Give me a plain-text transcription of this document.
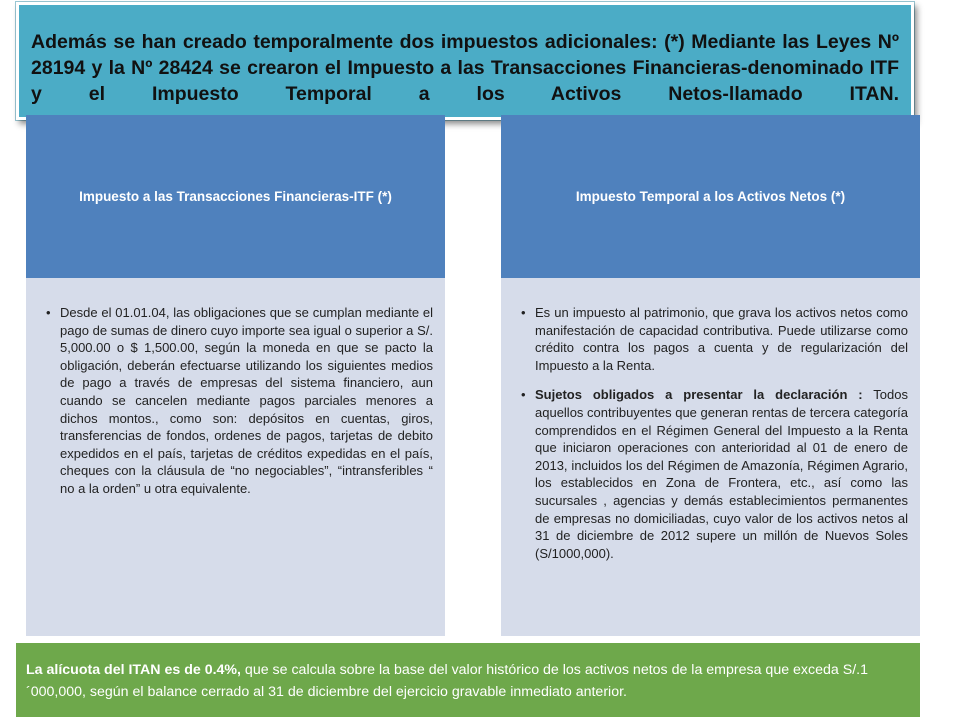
Además se han creado temporalmente dos impuestos adicionales: (*) Mediante las Leyes Nº 28194 y la Nº 28424 se crearon el Impuesto a las Transacciones Financieras-denominado ITF y el Impuesto Temporal a los Activos Netos-llamado ITAN.

Impuesto a las Transacciones Financieras-ITF (*)
• Desde el 01.01.04, las obligaciones que se cumplan mediante el pago de sumas de dinero cuyo importe sea igual o superior a S/. 5,000.00 o $ 1,500.00, según la moneda en que se pacto la obligación, deberán efectuarse utilizando los siguientes medios de pago a través de empresas del sistema financiero, aun cuando se cancelen mediante pagos parciales menores a dichos montos., como son: depósitos en cuentas, giros, transferencias de fondos, ordenes de pagos, tarjetas de debito expedidos en el país, tarjetas de créditos expedidas en el país, cheques con la cláusula de “no negociables”, “intransferibles “ no a la orden” u otra equivalente.
Impuesto Temporal a los Activos Netos (*)
• Es un impuesto al patrimonio, que grava los activos netos como manifestación de capacidad contributiva. Puede utilizarse como crédito contra los pagos a cuenta y de regularización del Impuesto a la Renta.
• Sujetos obligados a presentar la declaración : Todos aquellos contribuyentes que generan rentas de tercera categoría comprendidos en el Régimen General del Impuesto a la Renta que iniciaron operaciones con anterioridad al 01 de enero de 2013, incluidos los del Régimen de Amazonía, Régimen Agrario, los establecidos en Zona de Frontera, etc., así como las sucursales , agencias y demás establecimientos permanentes de empresas no domiciliadas, cuyo valor de los activos netos al 31 de diciembre de 2012 supere un millón de Nuevos Soles (S/1000,000).
La alícuota del ITAN es de 0.4%, que se calcula sobre la base del valor histórico de los activos netos de la empresa que exceda S/.1´000,000, según el balance cerrado al 31 de diciembre del ejercicio gravable inmediato anterior.
